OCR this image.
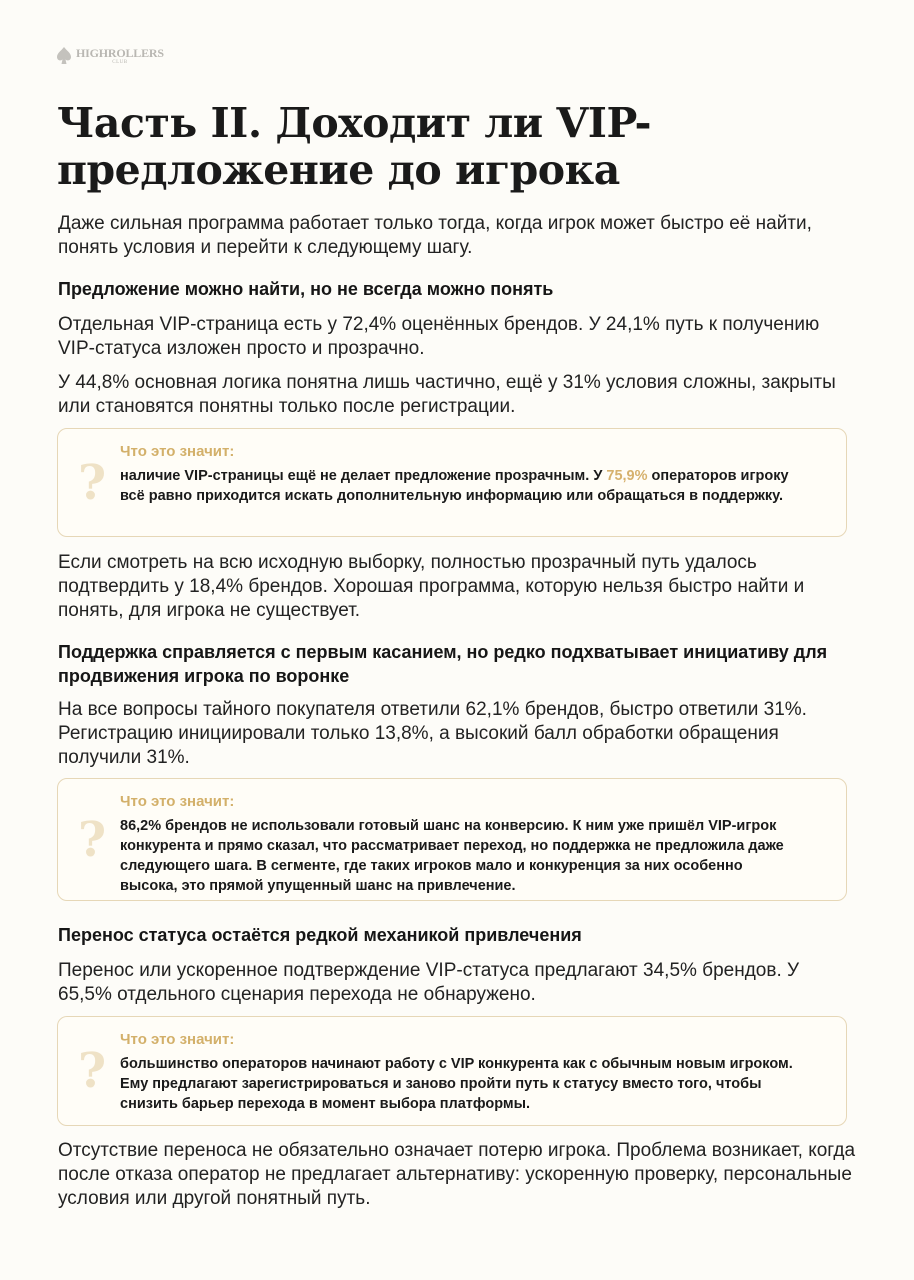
HIGHROLLERS
CLUB
Часть II. Доходит ли VIP-предложение до игрока

Даже сильная программа работает только тогда, когда игрок может быстро её найти, понять условия и перейти к следующему шагу.

Предложение можно найти, но не всегда можно понять

Отдельная VIP-страница есть у 72,4% оценённых брендов. У 24,1% путь к получению VIP-статуса изложен просто и прозрачно.

У 44,8% основная логика понятна лишь частично, ещё у 31% условия сложны, закрыты или становятся понятны только после регистрации.

?
Что это значит:
наличие VIP-страницы ещё не делает предложение прозрачным. У 75,9% операторов игроку всё равно приходится искать дополнительную информацию или обращаться в поддержку.

Если смотреть на всю исходную выборку, полностью прозрачный путь удалось подтвердить у 18,4% брендов. Хорошая программа, которую нельзя быстро найти и понять, для игрока не существует.

Поддержка справляется с первым касанием, но редко подхватывает инициативу для продвижения игрока по воронке

На все вопросы тайного покупателя ответили 62,1% брендов, быстро ответили 31%. Регистрацию инициировали только 13,8%, а высокий балл обработки обращения получили 31%.

?
Что это значит:
86,2% брендов не использовали готовый шанс на конверсию. К ним уже пришёл VIP-игрок конкурента и прямо сказал, что рассматривает переход, но поддержка не предложила даже следующего шага. В сегменте, где таких игроков мало и конкуренция за них особенно высока, это прямой упущенный шанс на привлечение.
Перенос статуса остаётся редкой механикой привлечения

Перенос или ускоренное подтверждение VIP-статуса предлагают 34,5% брендов. У 65,5% отдельного сценария перехода не обнаружено.

?
Что это значит:
большинство операторов начинают работу с VIP конкурента как с обычным новым игроком. Ему предлагают зарегистрироваться и заново пройти путь к статусу вместо того, чтобы снизить барьер перехода в момент выбора платформы.

Отсутствие переноса не обязательно означает потерю игрока. Проблема возникает, когда после отказа оператор не предлагает альтернативу: ускоренную проверку, персональные условия или другой понятный путь.
